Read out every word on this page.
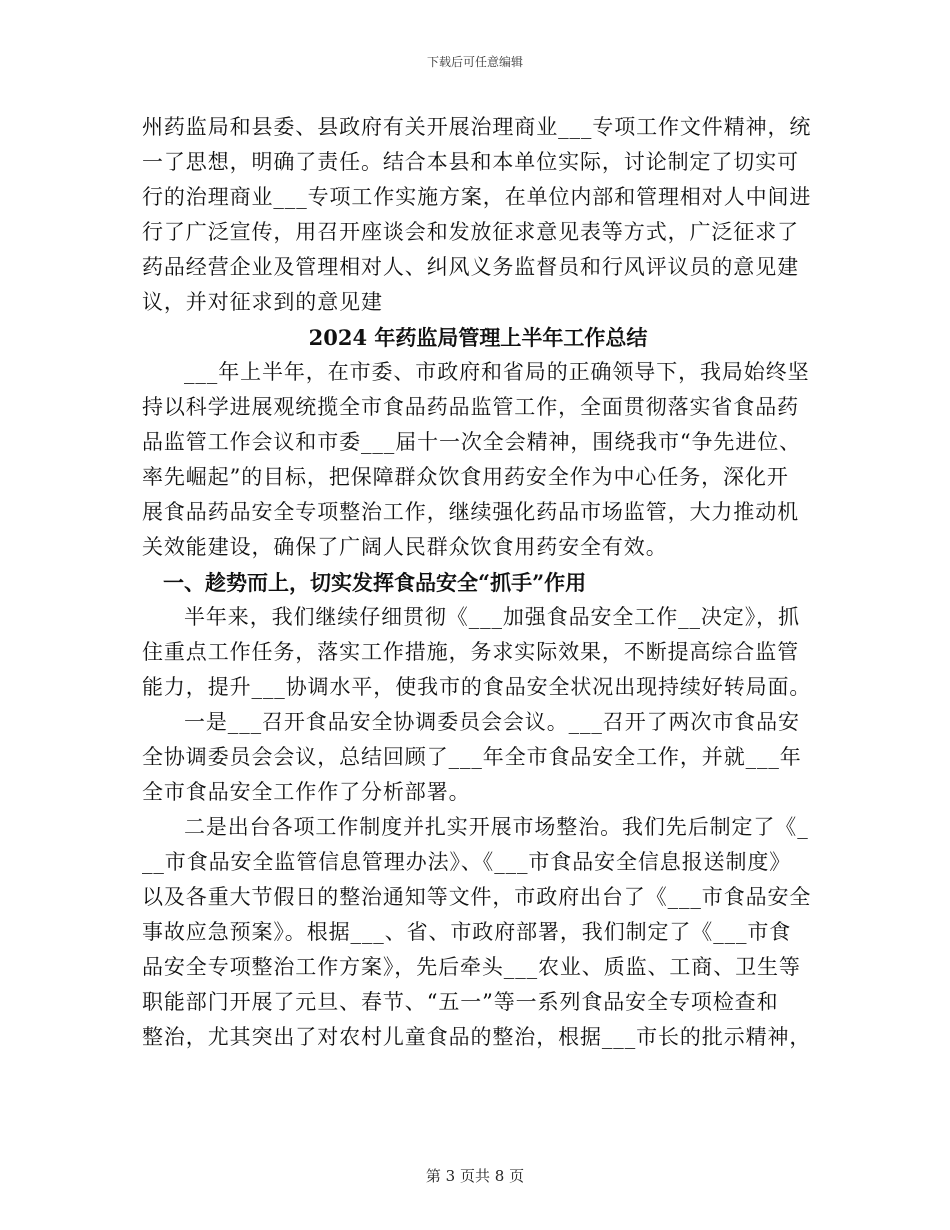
下载后可任意编辑

州药监局和县委、县政府有关开展治理商业___专项工作文件精神，统

一了思想，明确了责任。结合本县和本单位实际，讨论制定了切实可

行的治理商业___专项工作实施方案，在单位内部和管理相对人中间进

行了广泛宣传，用召开座谈会和发放征求意见表等方式，广泛征求了

药品经营企业及管理相对人、纠风义务监督员和行风评议员的意见建

议，并对征求到的意见建

2024 年药监局管理上半年工作总结

___年上半年，在市委、市政府和省局的正确领导下，我局始终坚

持以科学进展观统揽全市食品药品监管工作，全面贯彻落实省食品药

品监管工作会议和市委___届十一次全会精神，围绕我市“争先进位、

率先崛起”的目标，把保障群众饮食用药安全作为中心任务，深化开

展食品药品安全专项整治工作，继续强化药品市场监管，大力推动机

关效能建设，确保了广阔人民群众饮食用药安全有效。

一、趁势而上，切实发挥食品安全“抓手”作用

半年来，我们继续仔细贯彻《___加强食品安全工作__决定》，抓

住重点工作任务，落实工作措施，务求实际效果，不断提高综合监管

能力，提升___协调水平，使我市的食品安全状况出现持续好转局面。

一是___召开食品安全协调委员会会议。___召开了两次市食品安

全协调委员会会议，总结回顾了___年全市食品安全工作，并就___年

全市食品安全工作作了分析部署。

二是出台各项工作制度并扎实开展市场整治。我们先后制定了《_

__市食品安全监管信息管理办法》、《___市食品安全信息报送制度》

以及各重大节假日的整治通知等文件，市政府出台了《___市食品安全

事故应急预案》。根据___、省、市政府部署，我们制定了《___市食

品安全专项整治工作方案》，先后牵头___农业、质监、工商、卫生等

职能部门开展了元旦、春节、“五一”等一系列食品安全专项检查和

整治，尤其突出了对农村儿童食品的整治，根据___市长的批示精神，

第 3 页共 8 页
